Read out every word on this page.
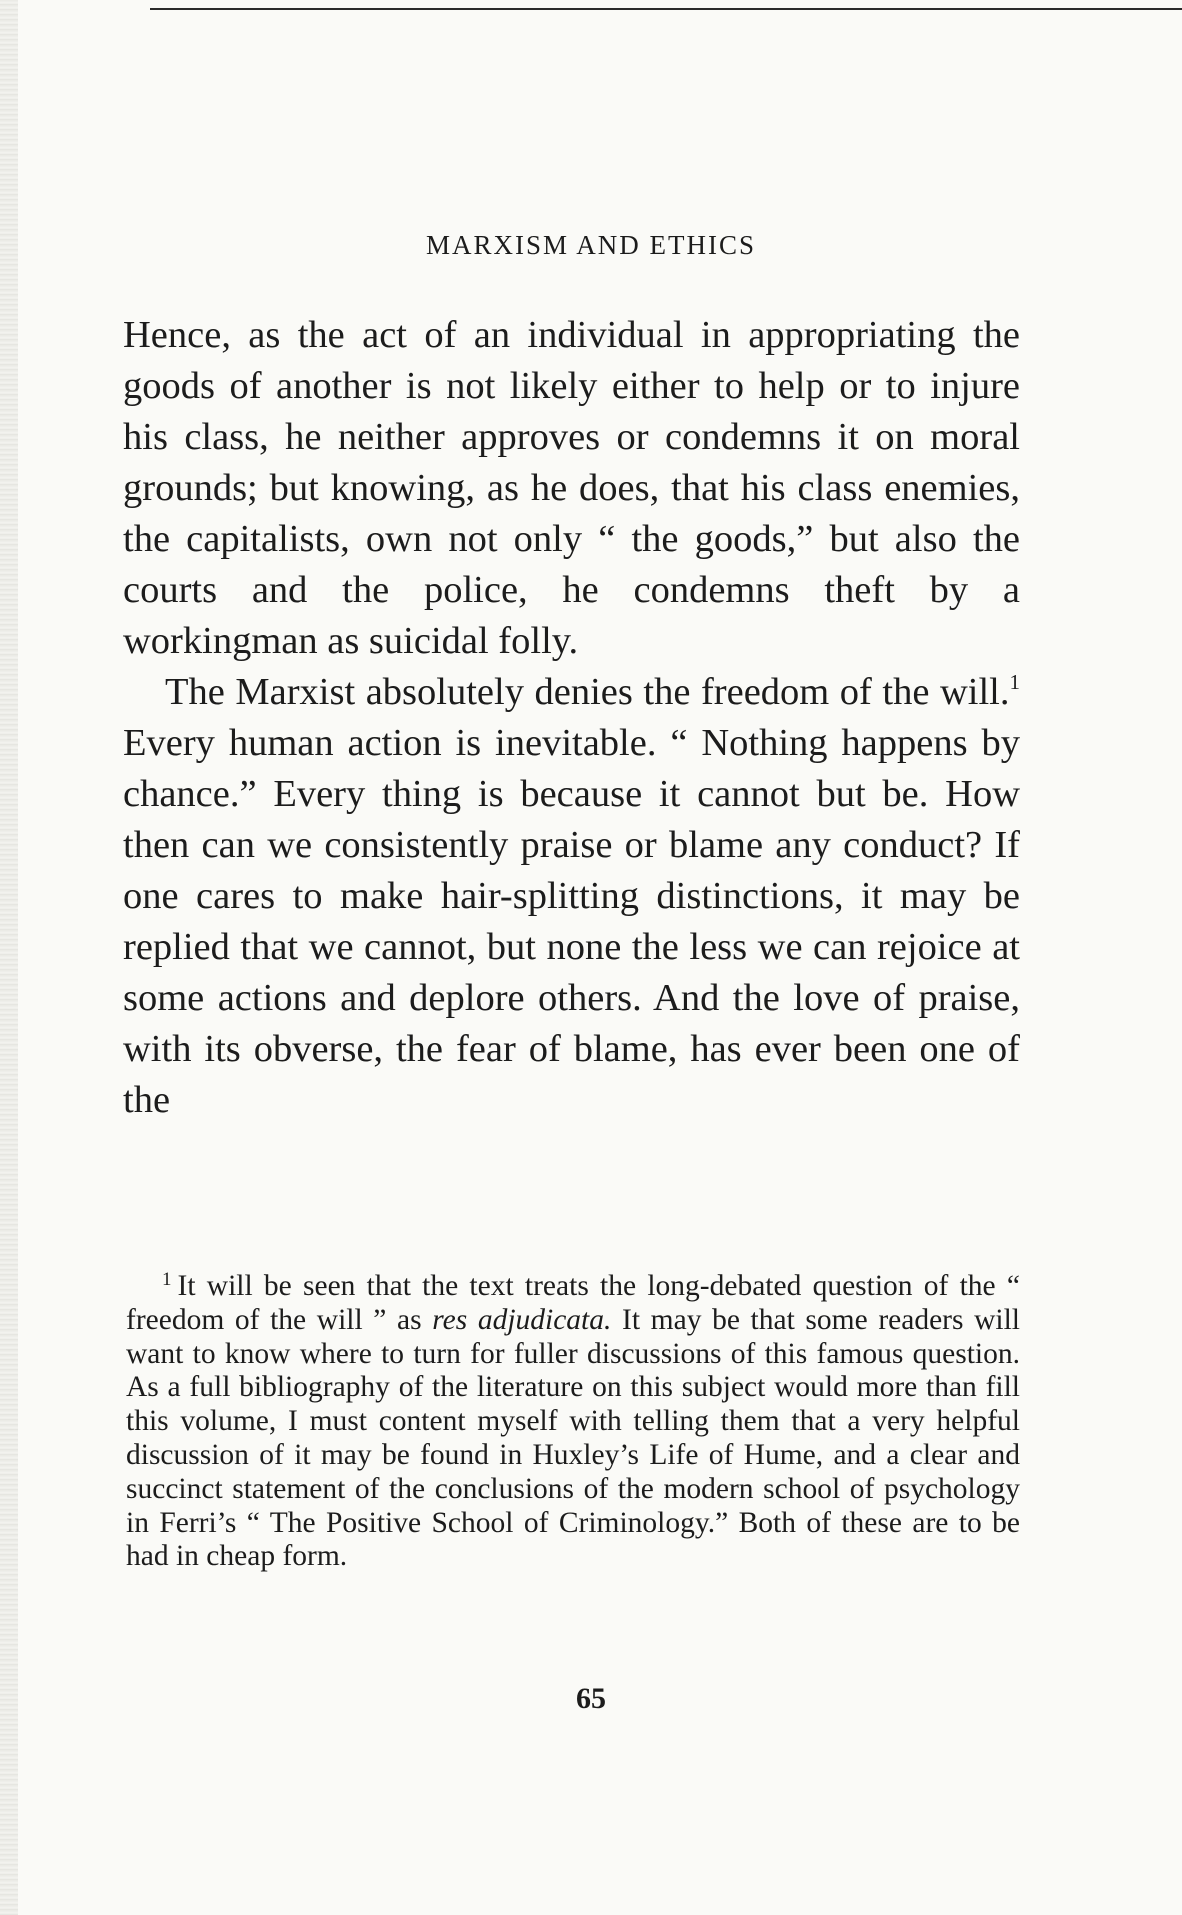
MARXISM AND ETHICS

Hence, as the act of an individual in appropriating the goods of another is not likely either to help or to injure his class, he neither approves or condemns it on moral grounds; but knowing, as he does, that his class enemies, the capitalists, own not only “ the goods,” but also the courts and the police, he condemns theft by a workingman as suicidal folly.

The Marxist absolutely denies the freedom of the will.$^1$ Every human action is inevitable. “ Nothing happens by chance.” Every thing is because it cannot but be. How then can we consistently praise or blame any conduct? If one cares to make hair-splitting distinctions, it may be replied that we cannot, but none the less we can rejoice at some actions and deplore others. And the love of praise, with its obverse, the fear of blame, has ever been one of the

$^1$ It will be seen that the text treats the long-debated question of the “ freedom of the will ” as res adjudicata. It may be that some readers will want to know where to turn for fuller discussions of this famous question. As a full bibliography of the literature on this subject would more than fill this volume, I must content myself with telling them that a very helpful discussion of it may be found in Huxley’s Life of Hume, and a clear and succinct statement of the conclusions of the modern school of psychology in Ferri’s “ The Positive School of Criminology.” Both of these are to be had in cheap form.

65
